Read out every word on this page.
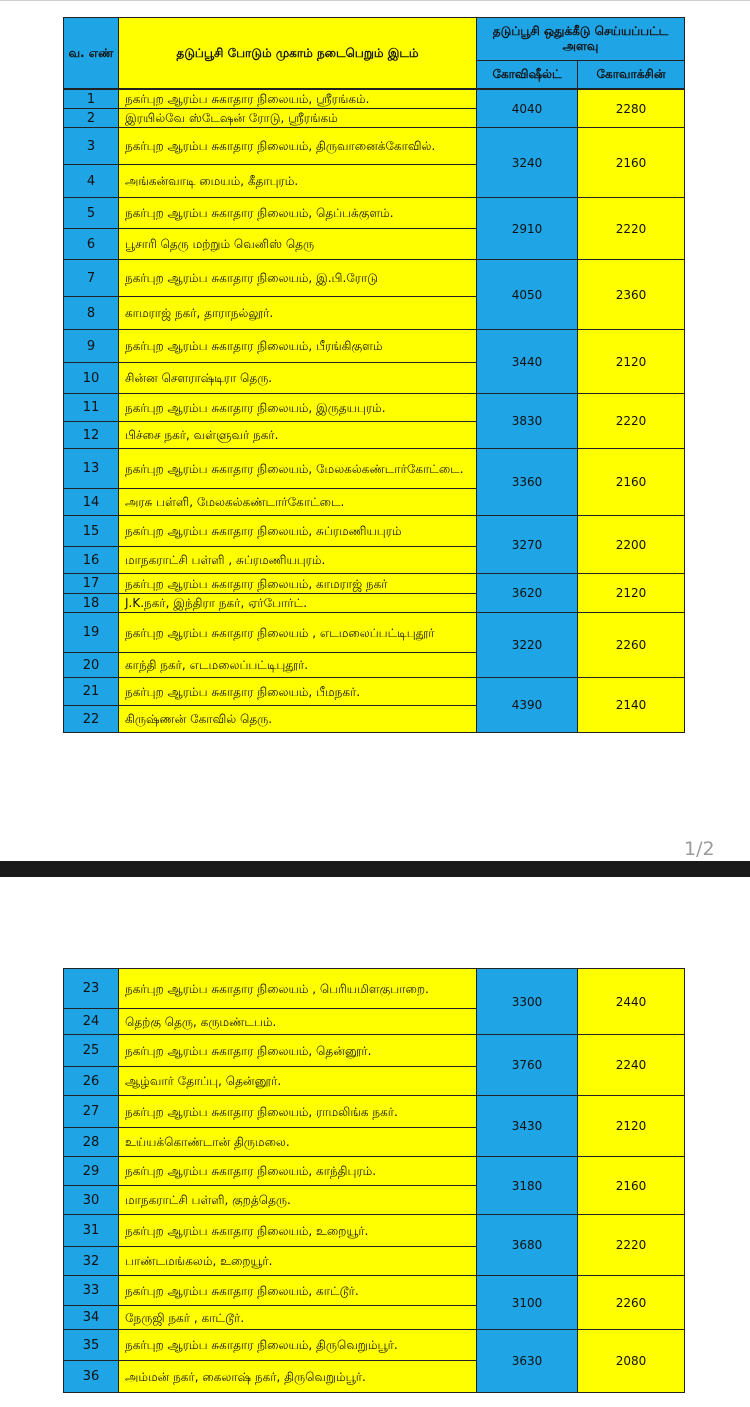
வ. எண்	தடுப்பூசி போடும் முகாம் நடைபெறும் இடம்
தடுப்பூசி ஒதுக்கீடு செய்யப்பட்ட அளவு
கோவிஷீல்ட்	கோவாக்சின்
1	நகர்புற ஆரம்ப சுகாதார நிலையம், ஸ்ரீரங்கம்.
2	இரயில்வே ஸ்டேஷன் ரோடு, ஸ்ரீரங்கம்
4040	2280
3	நகர்புற ஆரம்ப சுகாதார நிலையம், திருவானைக்கோவில்.
4	அங்கன்வாடி மையம், கீதாபுரம்.
3240	2160
5	நகர்புற ஆரம்ப சுகாதார நிலையம், தெப்பக்குளம்.
6	பூசாரி தெரு மற்றும் வெனிஸ் தெரு
2910	2220
7	நகர்புற ஆரம்ப சுகாதார நிலையம், இ.பி.ரோடு
8	காமராஜ் நகர், தாராநல்லூர்.
4050	2360
9	நகர்புற ஆரம்ப சுகாதார நிலையம், பீரங்கிகுளம்
10	சின்ன சௌராஷ்டிரா தெரு.
3440	2120
11	நகர்புற ஆரம்ப சுகாதார நிலையம், இருதயபுரம்.
12	பிச்சை நகர், வள்ளுவர் நகர்.
3830	2220
13	நகர்புற ஆரம்ப சுகாதார நிலையம், மேலகல்கண்டார்கோட்டை.
14	அரசு பள்ளி, மேலகல்கண்டார்கோட்டை.
3360	2160
15	நகர்புற ஆரம்ப சுகாதார நிலையம், சுப்ரமணியபுரம்
16	மாநகராட்சி பள்ளி , சுப்ரமணியபுரம்.
3270	2200
17	நகர்புற ஆரம்ப சுகாதார நிலையம், காமராஜ் நகர்
18	J.K.நகர், இந்திரா நகர், ஏர்போர்ட்.
3620	2120
19	நகர்புற ஆரம்ப சுகாதார நிலையம் , எடமலைப்பட்டிபுதூர்
20	காந்தி நகர், எடமலைப்பட்டிபுதூர்.
3220	2260
21	நகர்புற ஆரம்ப சுகாதார நிலையம், பீமநகர்.
22	கிருஷ்ணன் கோவில் தெரு.
4390	2140
1/2
23	நகர்புற ஆரம்ப சுகாதார நிலையம் , பெரியமிளகுபாறை.
24	தெற்கு தெரு, கருமண்டபம்.
3300	2440
25	நகர்புற ஆரம்ப சுகாதார நிலையம், தென்னூர்.
26	ஆழ்வார் தோப்பு, தென்னூர்.
3760	2240
27	நகர்புற ஆரம்ப சுகாதார நிலையம், ராமலிங்க நகர்.
28	உய்யக்கொண்டான் திருமலை.
3430	2120
29	நகர்புற ஆரம்ப சுகாதார நிலையம், காந்திபுரம்.
30	மாநகராட்சி பள்ளி, குறத்தெரு.
3180	2160
31	நகர்புற ஆரம்ப சுகாதார நிலையம், உறையூர்.
32	பாண்டமங்கலம், உறையூர்.
3680	2220
33	நகர்புற ஆரம்ப சுகாதார நிலையம், காட்டூர்.
34	நேருஜி நகர் , காட்டூர்.
3100	2260
35	நகர்புற ஆரம்ப சுகாதார நிலையம், திருவெறும்பூர்.
36	அம்மன் நகர், கைலாஷ் நகர், திருவெறும்பூர்.
3630	2080
